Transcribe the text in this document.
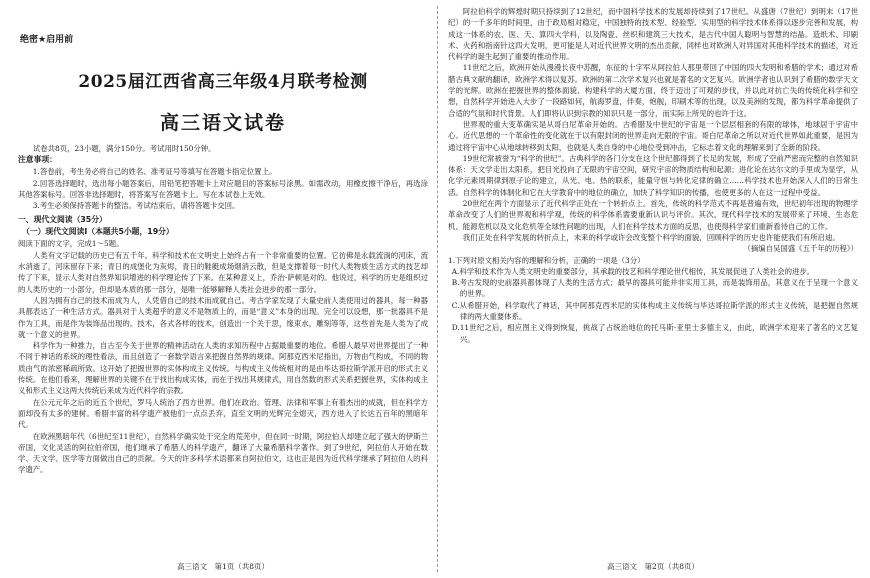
绝密★启用前
2025届江西省高三年级4月联考检测
高三语文试卷

试卷共8页，23小题，满分150分。考试用时150分钟。

注意事项：

1.答卷前，考生务必将自己的姓名、准考证号等填写在答题卡指定位置上。

2.回答选择题时，选出每小题答案后，用铅笔把答题卡上对应题目的答案标号涂黑。如需改动，用橡皮擦干净后，再选涂其他答案标号。回答非选择题时，将答案写在答题卡上。写在本试卷上无效。

3.考生必须保持答题卡的整洁。考试结束后，请将答题卡交回。

一、现代文阅读（35分）

（一）现代文阅读Ⅰ（本题共5小题，19分）

阅读下面的文字，完成1～5题。

人类有文字记载的历史已有五千年。科学和技术在文明史上始终占有一个非常重要的位置。它彷佛是永载流淌的河床，流水消逝了，河床留存下来；青日的成堡化为灰烬，青日的鞋艇成场烟消云散，但是支撑着每一时代人类物质生活方式的技艺却传了下来，显示人类对自然界知识增进的科学理论传了下来。在某种意义上，乔治·萨顿是对的。他说过，科学的历史是组织过的人类历史的一小部分，但却是本质的那一部分，是唯一能够解释人类社会进步的那一部分。

人因为拥有自己的技术而成为人，人凭借自己的技术而成就自己。考古学家发现了大量史前人类使用过的器具，每一种器具都表达了一种生活方式。器具对于人类超乎的意义不是物质上的，而是“意义”本身的出现。完全可以设想，那一批器具不是作为工具，而是作为装饰品出现的。技术，各式各样的技术，创造出一个关于思，缘束水，雕刻等等，这些首先是人类为了成就一个意义的世界。

科学作为一种推力，自古至今关于世界的精神活动在人类的求知历程中占据最重要的地位。希腊人最早对世界提出了一种不同于神话的系统的理性看法，而且创造了一套数学语言来把握自然界的规律。阿那克西米尼指出，万物由气构成，不同的物质由气的浓密稀疏所致。这开始了把握世界的实体构成主义传统。与构成主义传统相对的是由毕达哥拉斯学派开启的形式主义传统。在他们看来，理解世界的关键不在于找出构成实体，而在于找出其规律式，用自然数的形式关系把握世界，实体构成主义和形式主义这两大传统后来成为近代科学的宗教。

在公元元年之后的近五个世纪，罗马人统治了西方世界。他们在政治、管理、法律和军事上有着杰出的成就，但在科学方面却没有太多的建树。希腊丰富的科学遗产被他们一点点丢弃，直至文明的光辉完全熄灭，西方进入了长达五百年的黑暗年代。

在欧洲黑暗年代（6世纪至11世纪），自然科学确实处于完全的荒芜中，但在同一时期，阿拉伯人却建立起了强大的伊斯兰帝国，文化灵活的阿拉伯帝国，他们继承了希腊人的科学遗产，翻译了大量希腊科学著作。到了9世纪，阿拉伯人开始在数学、天文学、医学等方面做出自己的贡献。今天的许多科学术语都来自阿拉伯文，这也正是因为近代科学继承了阿拉伯人的科学遗产。

高三语文　第1页（共8页）

阿拉伯科学的辉煌时期只持续到了12世纪，而中国科学技术的发展却持续到了17世纪。从盛唐（7世纪）到明末（17世纪）的一千多年的时间里，由于政局相对稳定，中国独特的技术型、经验型、实用型的科学技术体系得以逐步完善和发展，构成这一体系的农、医、天、算四大学科，以及陶瓷、丝织和建筑三大技术，是古代中国人聪明与智慧的结晶。造纸术、印刷术、火药和指南针这四大发明，更可能是人对近代世界文明的杰出贡献，同样也对欧洲人对异国对其他科学技术的描述，对近代科学的诞生起到了重要的推动作用。

11世纪之后，欧洲开始从漫漫长夜中苏醒，东征的十字军从阿拉伯人那里带回了中国的四大发明和希腊的学术；通过对希腊古典文献的翻译，欧洲学术得以复苏。欧洲的第二次学术复兴也就是著名的文艺复兴。欧洲学者也认识到了希腊的数学天文学的光辉。欧洲在把握世界的整体面貌、构建科学的大厦方面，终于迈出了可观的步伐，并以此对抗亡失的传统化科学和空想，自然科学开始进入大步了一段路如何，航海罗盘，伴奏，炮舰，印刷术等的出现，以及美洲的发现，都为科学革命提供了合适的气氛和时代背景。人们即将认识到宗教的知识只是一部分，而实际上所见的也许于这。

世界观的重大变革确实是从哥白尼革命开始的。古希腊及中世纪的宇宙是一个层层相套的有限的球体，地球居于宇宙中心。近代思想的一个革命性的变化就在于以有限封闭的世界走向无限的宇宙。哥白尼革命之所以对近代世界如此重要，是因为通过将宇宙中心从地球转移到太阳，也就是人类自身的中心地位受到冲击，它标志着文化的理解来到了全新的阶段。

19世纪常被誉为“科学的世纪”。古典科学的各门分支在这个世纪都得到了长足的发展，形成了空前严密而完整的自然知识体系：天文学走出太阳系，把目光投向了无限的宇宙空间，研究宇宙的物质结构和起源；进化论在达尔文的手里成为显学，从化学元素周期律到原子论的建立，从光、电、热的联系，能量守恒与转化定律的确立……科学技术也开始深入人们的日常生活。自然科学的体制化和它在大学教育中的地位的确立，加快了科学知识的传播，也使更多的人在这一过程中受益。

20世纪在两个方面显示了近代科学正处在一个转折点上。首先，传统的科学范式不再是普遍有效，世纪初年出现的物理学革命改变了人们的世界观和科学观，传统的科学体系需要重新认识与评价。其次，现代科学技术的发展带来了环境、生态危机、能源危机以及文化危机等全球性问题的出现，人们在科学技术方面的反思，也使得科学家们重新看待自己的工作。

我们正处在科学发展的转折点上，未来的科学或许会改变整个科学的面貌，回顾科学的历史也许能使我们有所启迪。

（摘编自吴国盛《五千年的历程》）

1.下列对原文相关内容的理解和分析，正确的一项是（3分）

A.科学和技术作为人类文明史的重要部分，其承载的技艺和科学理论世代相传，其发展促进了人类社会的进步。

B.考古发现的史前器具都体现了人类的生活方式；最早的器具可能并非实用工具，而是装饰用品，其意义在于呈现一个意义的世界。

C.从希腊开始，科学取代了神话，其中阿那克西米尼的实体构成主义传统与毕达哥拉斯学派的形式主义传统，是把握自然规律的两大重要体系。

D.11世纪之后，相应图主义得到恢复，挑战了占统治地位的托马斯·亚里士多德主义，由此，欧洲学术迎来了著名的文艺复兴。

高三语文　第2页（共8页）
